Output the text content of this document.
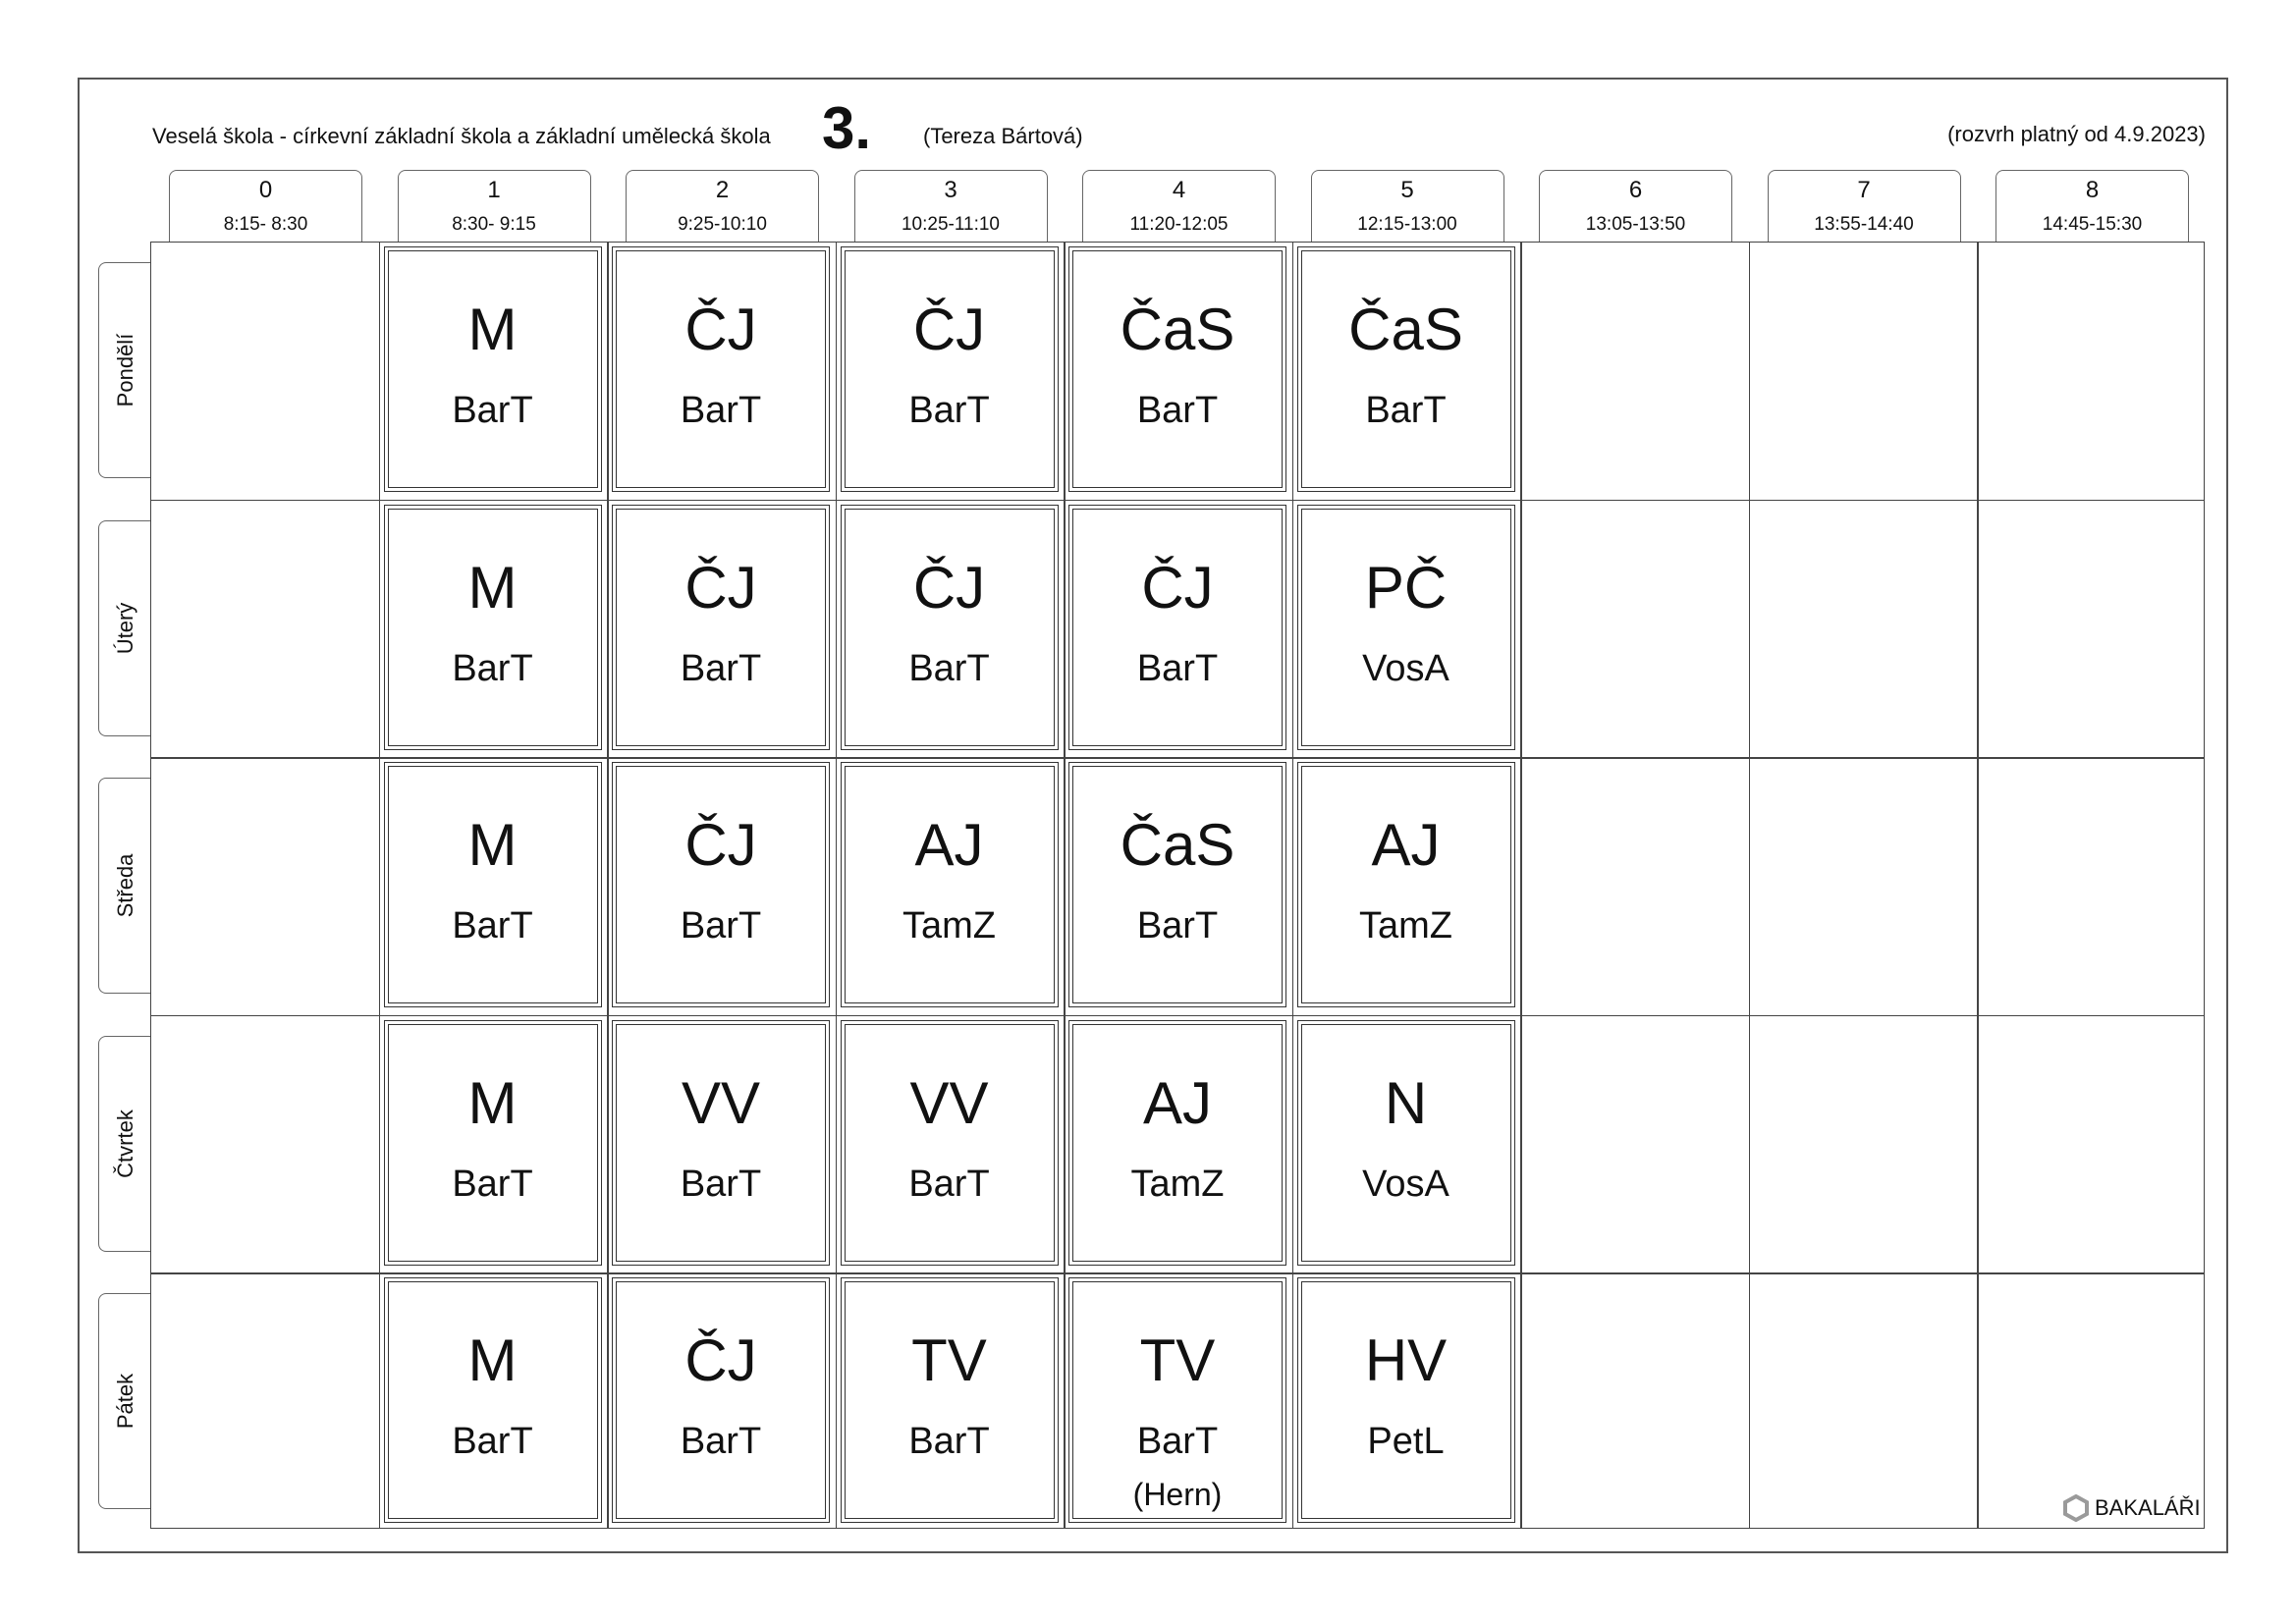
Veselá škola - církevní základní škola a základní umělecká škola 3. (Tereza Bártová)	(rozvrh platný od 4.9.2023)
0
8:15- 8:30
1
8:30- 9:15
2
9:25-10:10
3
10:25-11:10
4
11:20-12:05
5
12:15-13:00
6
13:05-13:50
7
13:55-14:40
8
14:45-15:30
Pondělí
Úterý
Středa
Čtvrtek
Pátek
M
BarT
ČJ
BarT
ČJ
BarT
ČaS
BarT
ČaS
BarT
M
BarT
ČJ
BarT
ČJ
BarT
ČJ
BarT
PČ
VosA
M
BarT
ČJ
BarT
AJ
TamZ
ČaS
BarT
AJ
TamZ
M
BarT
VV
BarT
VV
BarT
AJ
TamZ
N
VosA
M
BarT
ČJ
BarT
TV
BarT
TV
BarT
(Hern)
HV
PetL
BAKALÁŘI
